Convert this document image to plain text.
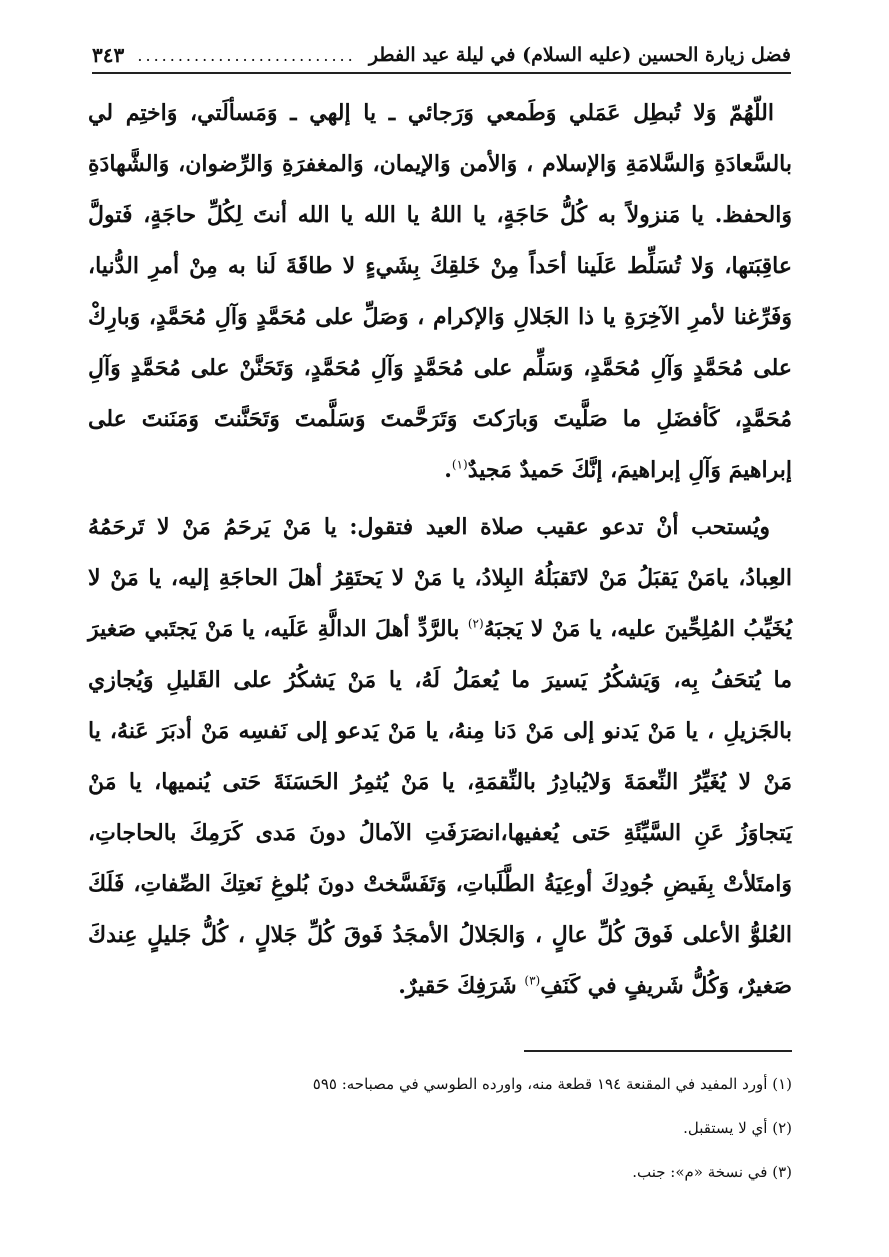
فضل زيارة الحسين (عليه السلام) في ليلة عيد الفطر
...........................
٣٤٣

اللّهُمّ وَلا تُبطِل عَمَلي وَطَمعي وَرَجائي ـ يا إلهي ـ وَمَسألَتي، وَاختِم لي بالسَّعادَةِ وَالسَّلامَةِ وَالإسلام ، وَالأمن وَالإيمان، وَالمغفرَةِ وَالرِّضوان، وَالشَّهادَةِ وَالحفظ. يا مَنزولاً به كُلُّ حَاجَةٍ، يا اللهُ يا الله يا الله أنتَ لِكُلِّ حاجَةٍ، فَتولَّ عاقِبَتها، وَلا تُسَلِّط عَلَينا أحَداً مِنْ خَلقِكَ بِشَيءٍ لا طاقَةَ لَنا به مِنْ أمرِ الدُّنيا، وَفَرِّغنا لأمرِ الآخِرَةِ يا ذا الجَلالِ وَالإكرام ، وَصَلِّ على مُحَمَّدٍ وَآلِ مُحَمَّدٍ، وَبارِكْ على مُحَمَّدٍ وَآلِ مُحَمَّدٍ، وَسَلِّم على مُحَمَّدٍ وَآلِ مُحَمَّدٍ، وَتَحَنَّنْ على مُحَمَّدٍ وَآلِ مُحَمَّدٍ، كَأفضَلِ ما صَلَّيتَ وَبارَكتَ وَتَرَحَّمتَ وَسَلَّمتَ وَتَحَنَّنتَ وَمَنَنتَ على إبراهيمَ وَآلِ إبراهيمَ، إنَّكَ حَميدٌ مَجيدٌ$^{(١)}$.

ويُستحب أنْ تدعو عقيب صلاة العيد فتقول: يا مَنْ يَرحَمُ مَنْ لا تَرحَمُهُ العِبادُ، يامَنْ يَقبَلُ مَنْ لاتَقبَلُهُ البِلادُ، يا مَنْ لا يَحتَقِرُ أهلَ الحاجَةِ إليه، يا مَنْ لا يُخَيِّبُ المُلِحِّينَ عليه، يا مَنْ لا يَجبَهُ$^{(٢)}$ بالرَّدِّ أهلَ الدالَّةِ عَلَيه، يا مَنْ يَجتَبي صَغيرَ ما يُتحَفُ بِه، وَيَشكُرُ يَسيرَ ما يُعمَلُ لَهُ، يا مَنْ يَشكُرُ على القَليلِ وَيُجازي بالجَزيلِ ، يا مَنْ يَدنو إلى مَنْ دَنا مِنهُ، يا مَنْ يَدعو إلى نَفسِه مَنْ أدبَرَ عَنهُ، يا مَنْ لا يُغَيِّرُ النِّعمَةَ وَلايُبادِرُ بالنِّقمَةِ، يا مَنْ يُثمِرُ الحَسَنَةَ حَتى يُنميها، يا مَنْ يَتجاوَزُ عَنِ السَّيِّئَةِ حَتى يُعفيها،انصَرَفَتِ الآمالُ دونَ مَدى كَرَمِكَ بالحاجاتِ، وَامتَلأتْ بِفَيضِ جُودِكَ أوعِيَةُ الطَّلَباتِ، وَتَفَسَّختْ دونَ بُلوغِ نَعتِكَ الصِّفاتِ، فَلَكَ العُلوُّ الأعلى فَوقَ كُلِّ عالٍ ، وَالجَلالُ الأمجَدُ فَوقَ كُلِّ جَلالٍ ، كُلُّ جَليلٍ عِندكَ صَغيرٌ، وَكُلُّ شَريفٍ في كَنَفِ$^{(٣)}$ شَرَفِكَ حَقيرٌ.

(١) أورد المفيد في المقنعة ١٩٤ قطعة منه، واورده الطوسي في مصباحه: ٥٩٥
(٢) أي لا يستقبل.
(٣) في نسخة «م»: جنب.
